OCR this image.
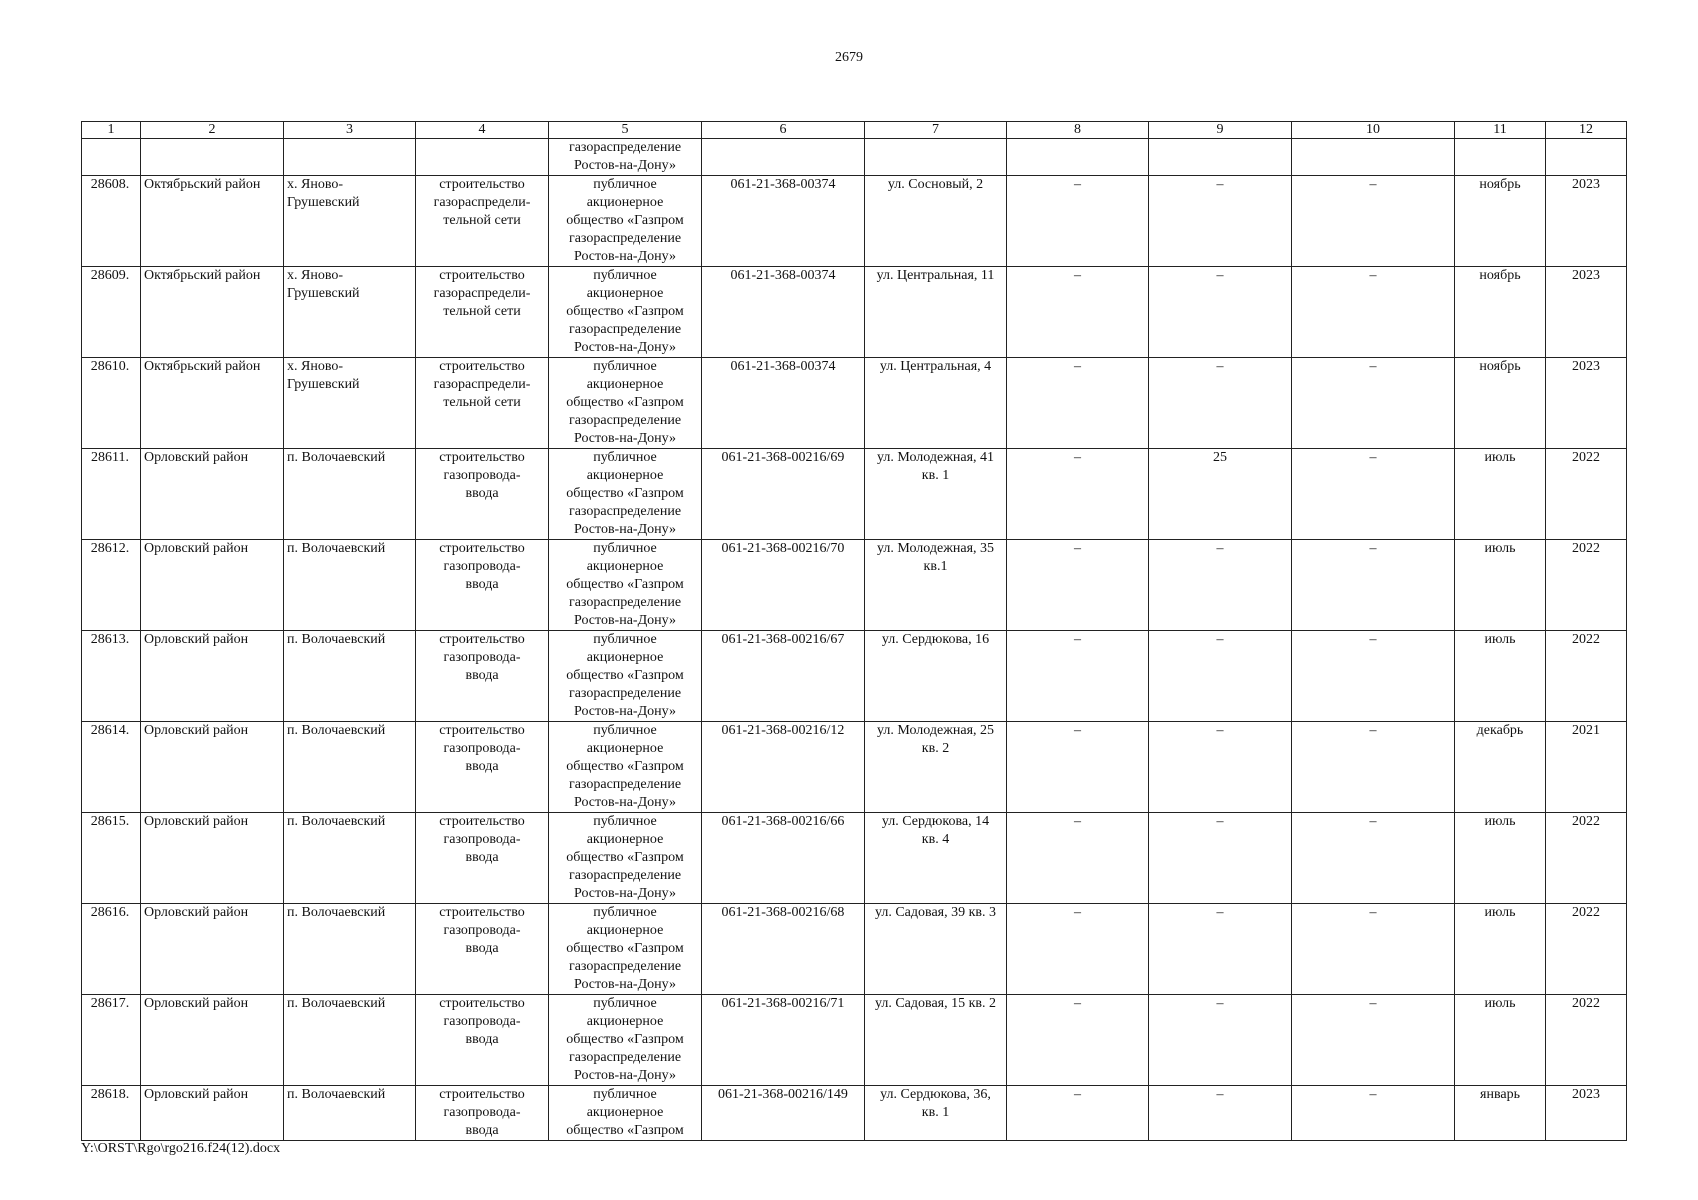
2679
1	2	3	4	5	6	7	8	9	10	11	12

				газораспределение
Ростов-на-Дону»							

28608.	Октябрьский район	х. Яново-
Грушевский	строительство
газораспредели-
тельной сети	публичное
акционерное
общество «Газпром
газораспределение
Ростов-на-Дону»	061-21-368-00374	ул. Сосновый, 2	–	–	–	ноябрь	2023

28609.	Октябрьский район	х. Яново-
Грушевский	строительство
газораспредели-
тельной сети	публичное
акционерное
общество «Газпром
газораспределение
Ростов-на-Дону»	061-21-368-00374	ул. Центральная, 11	–	–	–	ноябрь	2023

28610.	Октябрьский район	х. Яново-
Грушевский	строительство
газораспредели-
тельной сети	публичное
акционерное
общество «Газпром
газораспределение
Ростов-на-Дону»	061-21-368-00374	ул. Центральная, 4	–	–	–	ноябрь	2023

28611.	Орловский район	п. Волочаевский	строительство
газопровода-
ввода	публичное
акционерное
общество «Газпром
газораспределение
Ростов-на-Дону»	061-21-368-00216/69	ул. Молодежная, 41
кв. 1	–	25	–	июль	2022

28612.	Орловский район	п. Волочаевский	строительство
газопровода-
ввода	публичное
акционерное
общество «Газпром
газораспределение
Ростов-на-Дону»	061-21-368-00216/70	ул. Молодежная, 35
кв.1	–	–	–	июль	2022

28613.	Орловский район	п. Волочаевский	строительство
газопровода-
ввода	публичное
акционерное
общество «Газпром
газораспределение
Ростов-на-Дону»	061-21-368-00216/67	ул. Сердюкова, 16	–	–	–	июль	2022

28614.	Орловский район	п. Волочаевский	строительство
газопровода-
ввода	публичное
акционерное
общество «Газпром
газораспределение
Ростов-на-Дону»	061-21-368-00216/12	ул. Молодежная, 25
кв. 2	–	–	–	декабрь	2021

28615.	Орловский район	п. Волочаевский	строительство
газопровода-
ввода	публичное
акционерное
общество «Газпром
газораспределение
Ростов-на-Дону»	061-21-368-00216/66	ул. Сердюкова, 14
кв. 4	–	–	–	июль	2022

28616.	Орловский район	п. Волочаевский	строительство
газопровода-
ввода	публичное
акционерное
общество «Газпром
газораспределение
Ростов-на-Дону»	061-21-368-00216/68	ул. Садовая, 39 кв. 3	–	–	–	июль	2022

28617.	Орловский район	п. Волочаевский	строительство
газопровода-
ввода	публичное
акционерное
общество «Газпром
газораспределение
Ростов-на-Дону»	061-21-368-00216/71	ул. Садовая, 15 кв. 2	–	–	–	июль	2022

28618.	Орловский район	п. Волочаевский	строительство
газопровода-
ввода	публичное
акционерное
общество «Газпром	061-21-368-00216/149	ул. Сердюкова, 36,
кв. 1	–	–	–	январь	2023
Y:\ORST\Rgo\rgo216.f24(12).docx
